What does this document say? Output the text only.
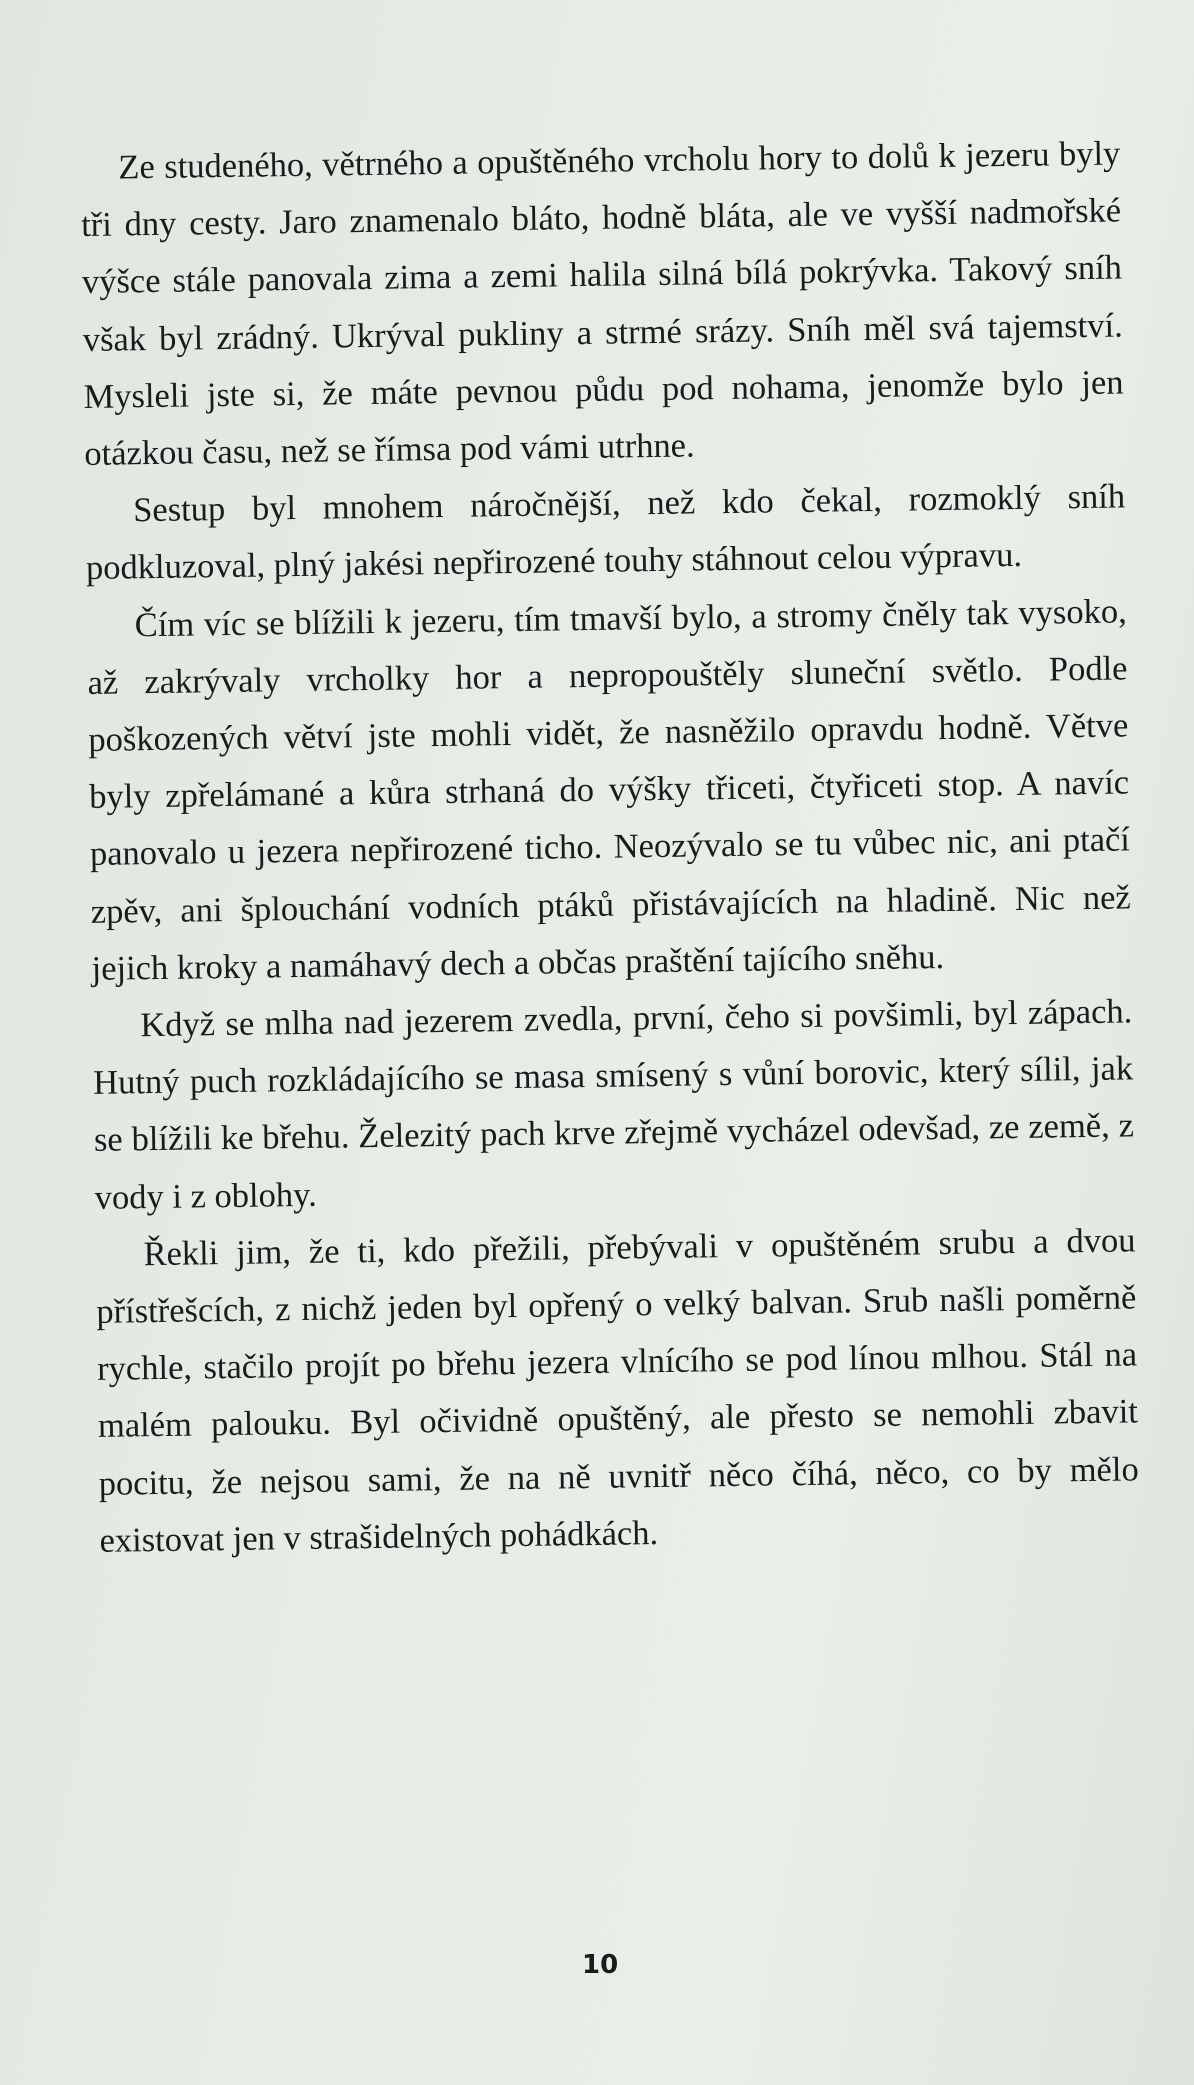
Ze studeného, větrného a opuštěného vrcholu hory to dolů k jezeru byly tři dny cesty. Jaro znamenalo bláto, hodně bláta, ale ve vyšší nadmořské výšce stále panovala zima a zemi halila silná bílá pokrývka. Takový sníh však byl zrádný. Ukrýval pukliny a strmé srázy. Sníh měl svá tajemství. Mysleli jste si, že máte pevnou půdu pod nohama, jenomže bylo jen otázkou času, než se římsa pod vámi utrhne.

Sestup byl mnohem náročnější, než kdo čekal, rozmoklý sníh podkluzoval, plný jakési nepřirozené touhy stáhnout celou výpravu.

Čím víc se blížili k jezeru, tím tmavší bylo, a stromy čněly tak vysoko, až zakrývaly vrcholky hor a nepropouštěly sluneční světlo. Podle poškozených větví jste mohli vidět, že nasněžilo opravdu hodně. Větve byly zpřelámané a kůra strhaná do výšky třiceti, čtyřiceti stop. A navíc panovalo u jezera nepřirozené ticho. Neozývalo se tu vůbec nic, ani ptačí zpěv, ani šplouchání vodních ptáků přistávajících na hladině. Nic než jejich kroky a namáhavý dech a občas praštění tajícího sněhu.

Když se mlha nad jezerem zvedla, první, čeho si povšimli, byl zápach. Hutný puch rozkládajícího se masa smísený s vůní borovic, který sílil, jak se blížili ke břehu. Železitý pach krve zřejmě vycházel odevšad, ze země, z vody i z oblohy.

Řekli jim, že ti, kdo přežili, přebývali v opuštěném srubu a dvou přístřešcích, z nichž jeden byl opřený o velký balvan. Srub našli poměrně rychle, stačilo projít po břehu jezera vlnícího se pod línou mlhou. Stál na malém palouku. Byl očividně opuštěný, ale přesto se nemohli zbavit pocitu, že nejsou sami, že na ně uvnitř něco číhá, něco, co by mělo existovat jen v strašidelných pohádkách.

10
